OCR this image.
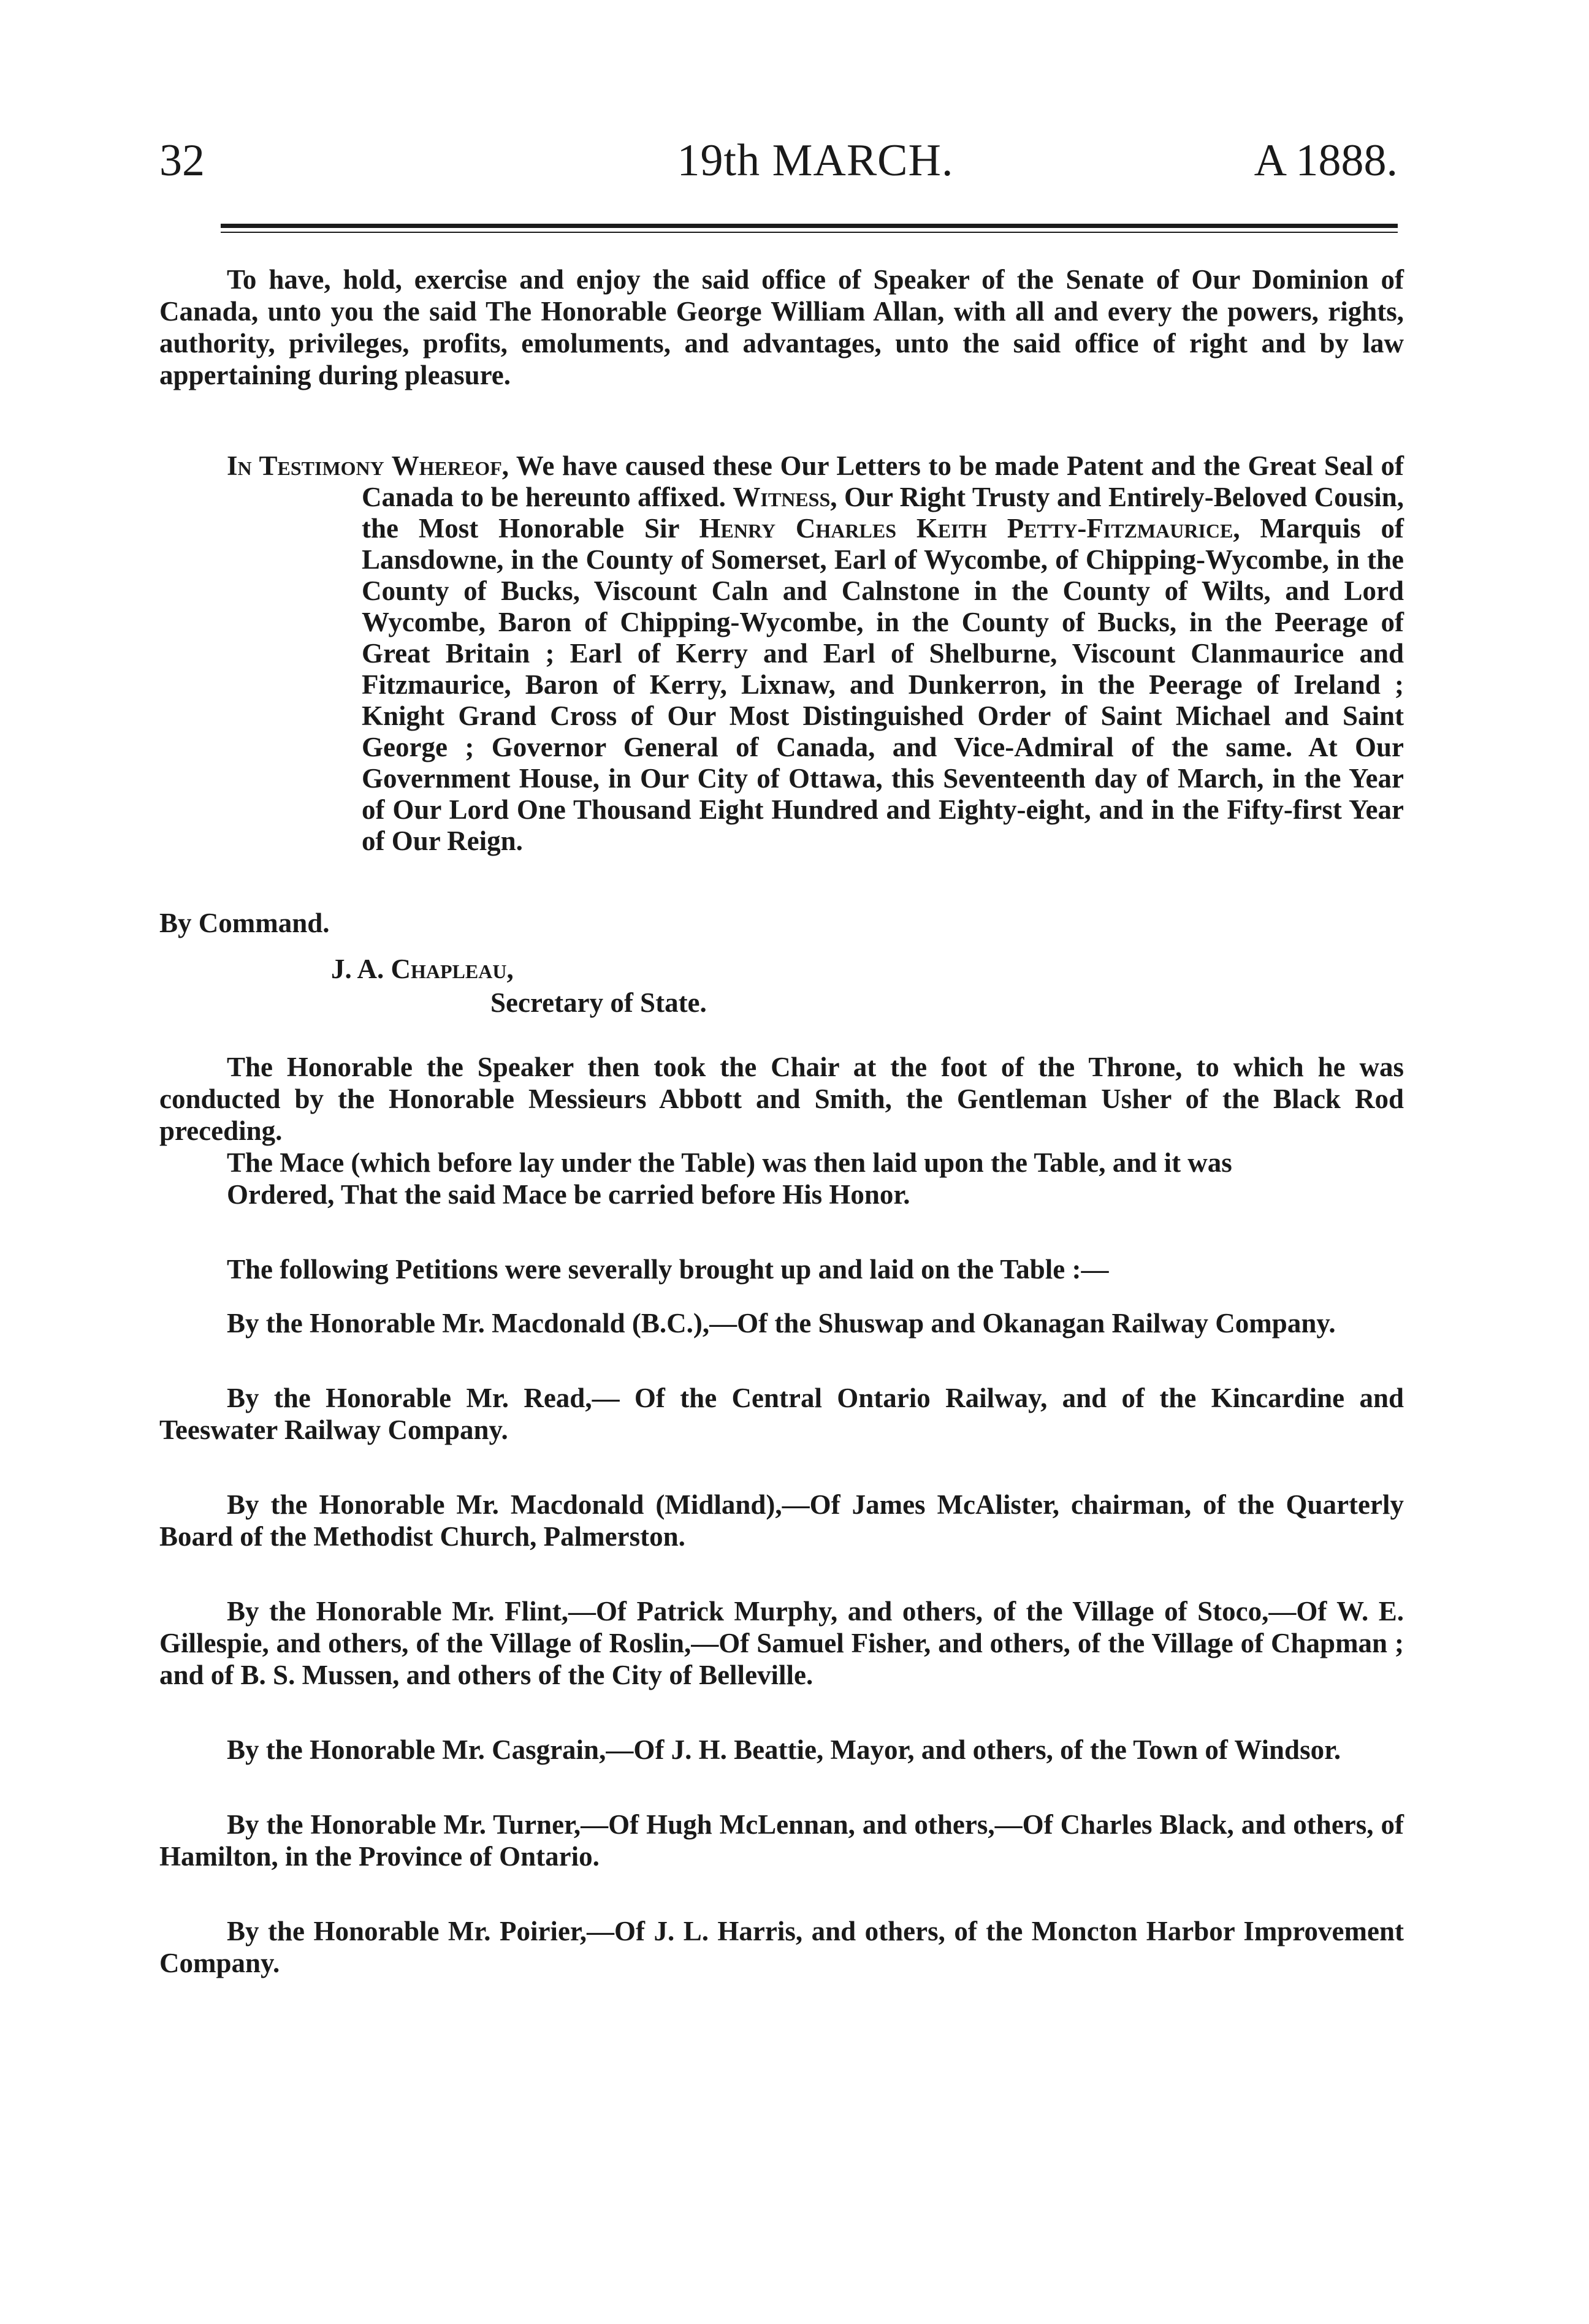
32	19th MARCH.	A 1888.

To have, hold, exercise and enjoy the said office of Speaker of the Senate of Our Dominion of Canada, unto you the said The Honorable George William Allan, with all and every the powers, rights, authority, privileges, profits, emoluments, and advantages, unto the said office of right and by law appertaining during pleasure.

In Testimony Whereof, We have caused these Our Letters to be made Patent and the Great Seal of Canada to be hereunto affixed. Witness, Our Right Trusty and Entirely-Beloved Cousin, the Most Honorable Sir Henry Charles Keith Petty-Fitzmaurice, Marquis of Lansdowne, in the County of Somerset, Earl of Wycombe, of Chipping-Wycombe, in the County of Bucks, Viscount Caln and Calnstone in the County of Wilts, and Lord Wycombe, Baron of Chipping-Wycombe, in the County of Bucks, in the Peerage of Great Britain ; Earl of Kerry and Earl of Shelburne, Viscount Clanmaurice and Fitzmaurice, Baron of Kerry, Lixnaw, and Dunkerron, in the Peerage of Ireland ; Knight Grand Cross of Our Most Distinguished Order of Saint Michael and Saint George ; Governor General of Canada, and Vice-Admiral of the same. At Our Government House, in Our City of Ottawa, this Seventeenth day of March, in the Year of Our Lord One Thousand Eight Hundred and Eighty-eight, and in the Fifty-first Year of Our Reign.

By Command.
J. A. Chapleau,
Secretary of State.

The Honorable the Speaker then took the Chair at the foot of the Throne, to which he was conducted by the Honorable Messieurs Abbott and Smith, the Gentleman Usher of the Black Rod preceding.

The Mace (which before lay under the Table) was then laid upon the Table, and it was

Ordered, That the said Mace be carried before His Honor.

The following Petitions were severally brought up and laid on the Table :—

By the Honorable Mr. Macdonald (B.C.),—Of the Shuswap and Okanagan Railway Company.

By the Honorable Mr. Read,— Of the Central Ontario Railway, and of the Kincardine and Teeswater Railway Company.

By the Honorable Mr. Macdonald (Midland),—Of James McAlister, chairman, of the Quarterly Board of the Methodist Church, Palmerston.

By the Honorable Mr. Flint,—Of Patrick Murphy, and others, of the Village of Stoco,—Of W. E. Gillespie, and others, of the Village of Roslin,—Of Samuel Fisher, and others, of the Village of Chapman ; and of B. S. Mussen, and others of the City of Belleville.

By the Honorable Mr. Casgrain,—Of J. H. Beattie, Mayor, and others, of the Town of Windsor.

By the Honorable Mr. Turner,—Of Hugh McLennan, and others,—Of Charles Black, and others, of Hamilton, in the Province of Ontario.

By the Honorable Mr. Poirier,—Of J. L. Harris, and others, of the Moncton Harbor Improvement Company.
